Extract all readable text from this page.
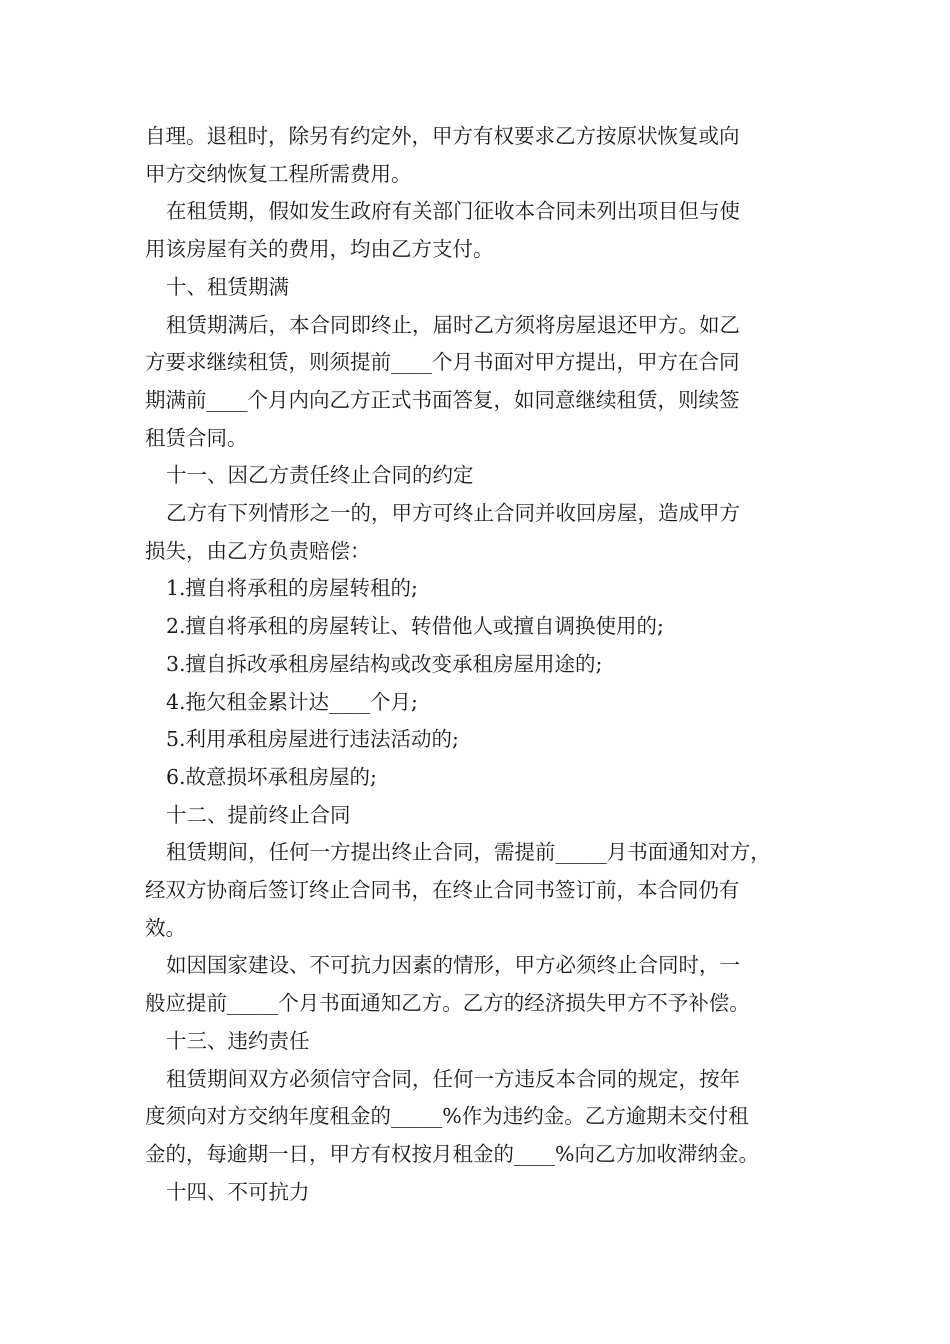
自理。退租时，除另有约定外，甲方有权要求乙方按原状恢复或向

甲方交纳恢复工程所需费用。

在租赁期，假如发生政府有关部门征收本合同未列出项目但与使

用该房屋有关的费用，均由乙方支付。

十、租赁期满

租赁期满后，本合同即终止，届时乙方须将房屋退还甲方。如乙

方要求继续租赁，则须提前____个月书面对甲方提出，甲方在合同

期满前____个月内向乙方正式书面答复，如同意继续租赁，则续签

租赁合同。

十一、因乙方责任终止合同的约定

乙方有下列情形之一的，甲方可终止合同并收回房屋，造成甲方

损失，由乙方负责赔偿：

1.擅自将承租的房屋转租的;

2.擅自将承租的房屋转让、转借他人或擅自调换使用的;

3.擅自拆改承租房屋结构或改变承租房屋用途的;

4.拖欠租金累计达____个月;

5.利用承租房屋进行违法活动的;

6.故意损坏承租房屋的;

十二、提前终止合同

租赁期间，任何一方提出终止合同，需提前_____月书面通知对方，

经双方协商后签订终止合同书，在终止合同书签订前，本合同仍有

效。

如因国家建设、不可抗力因素的情形，甲方必须终止合同时，一

般应提前_____个月书面通知乙方。乙方的经济损失甲方不予补偿。

十三、违约责任

租赁期间双方必须信守合同，任何一方违反本合同的规定，按年

度须向对方交纳年度租金的_____%作为违约金。乙方逾期未交付租

金的，每逾期一日，甲方有权按月租金的____%向乙方加收滞纳金。

十四、不可抗力
